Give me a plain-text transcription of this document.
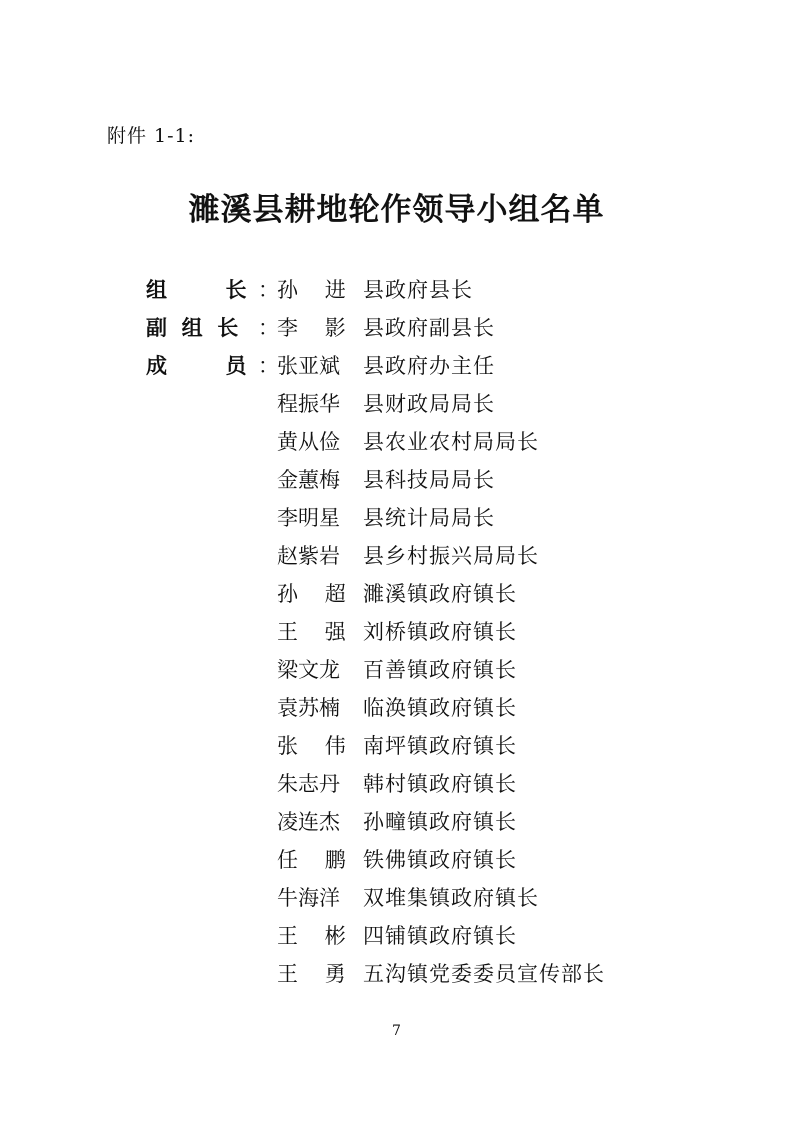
附件 1-1:
濉溪县耕地轮作领导小组名单
组        长 ：
孙    进 县政府县长
副  组  长 ：
李    影 县政府副县长
成        员 ：
张亚斌 县政府办主任
程振华 县财政局局长
黄从俭 县农业农村局局长
金蕙梅 县科技局局长
李明星 县统计局局长
赵紫岩 县乡村振兴局局长
孙    超 濉溪镇政府镇长
王    强 刘桥镇政府镇长
梁文龙 百善镇政府镇长
袁苏楠 临涣镇政府镇长
张    伟 南坪镇政府镇长
朱志丹 韩村镇政府镇长
凌连杰 孙疃镇政府镇长
任    鹏 铁佛镇政府镇长
牛海洋 双堆集镇政府镇长
王    彬 四铺镇政府镇长
王    勇 五沟镇党委委员宣传部长
7
